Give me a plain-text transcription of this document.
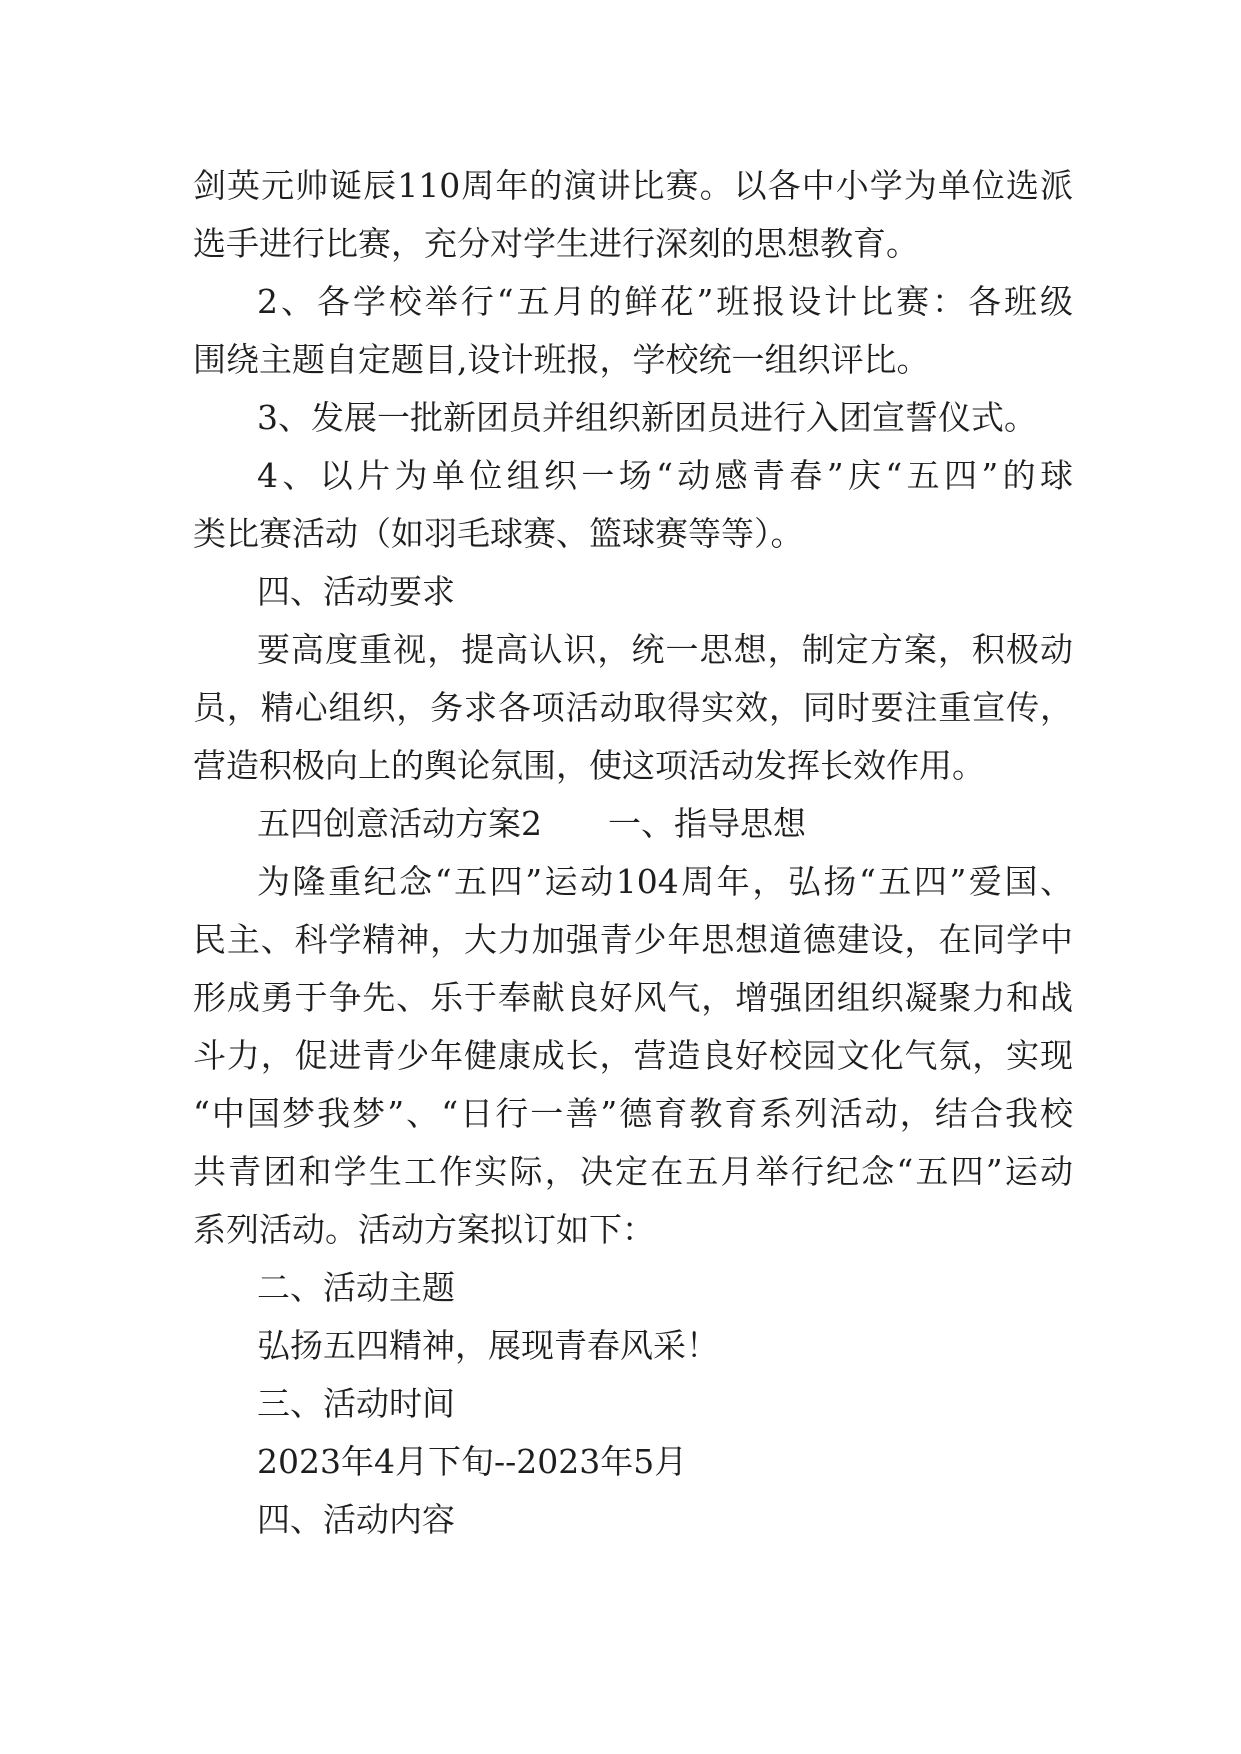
剑英元帅诞辰110周年的演讲比赛。以各中小学为单位选派
选手进行比赛，充分对学生进行深刻的思想教育。
2、各学校举行“五月的鲜花”班报设计比赛：各班级
围绕主题自定题目,设计班报，学校统一组织评比。
3、发展一批新团员并组织新团员进行入团宣誓仪式。
4、以片为单位组织一场“动感青春”庆“五四”的球
类比赛活动（如羽毛球赛、篮球赛等等）。
四、活动要求
要高度重视，提高认识，统一思想，制定方案，积极动
员，精心组织，务求各项活动取得实效，同时要注重宣传，
营造积极向上的舆论氛围，使这项活动发挥长效作用。
五四创意活动方案2　　一、指导思想
为隆重纪念“五四”运动104周年，弘扬“五四”爱国、
民主、科学精神，大力加强青少年思想道德建设，在同学中
形成勇于争先、乐于奉献良好风气，增强团组织凝聚力和战
斗力，促进青少年健康成长，营造良好校园文化气氛，实现
“中国梦我梦”、“日行一善”德育教育系列活动，结合我校
共青团和学生工作实际，决定在五月举行纪念“五四”运动
系列活动。活动方案拟订如下：
二、活动主题
弘扬五四精神，展现青春风采！
三、活动时间
2023年4月下旬--2023年5月
四、活动内容
